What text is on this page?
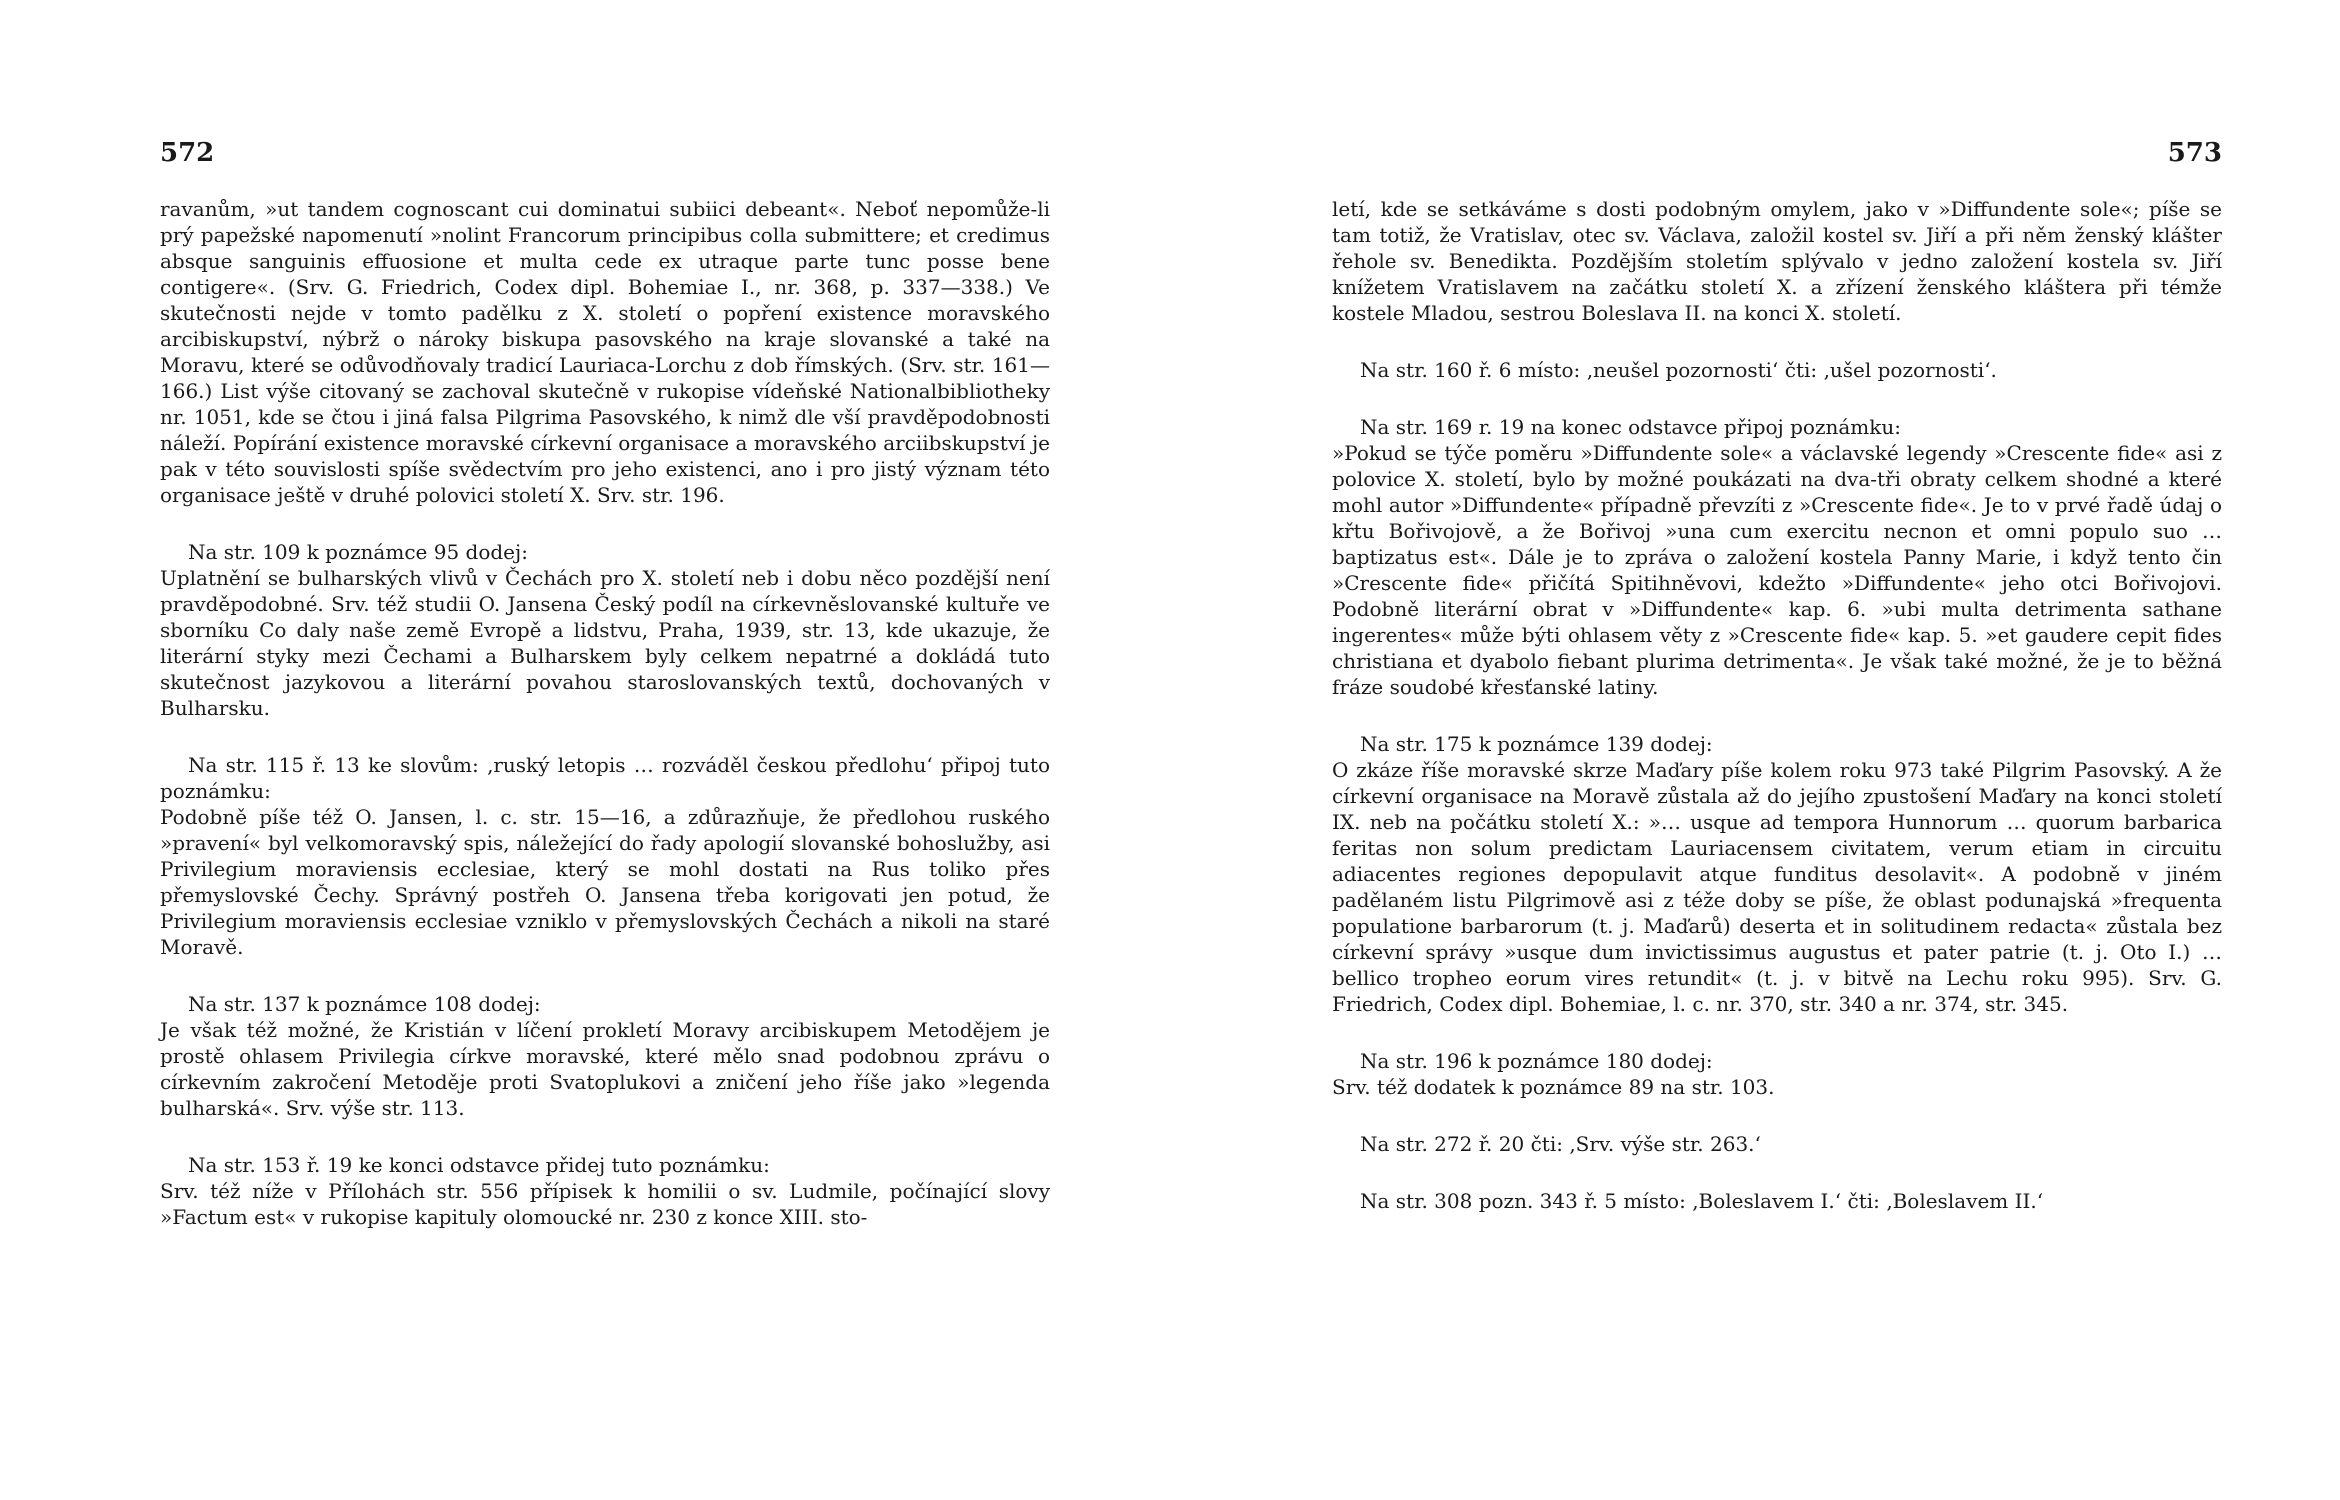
572

ravanům, »ut tandem cognoscant cui dominatui subiici debeant«. Neboť nepomůže-li prý papežské napomenutí »nolint Francorum principibus colla submittere; et credimus absque sanguinis effuosione et multa cede ex utraque parte tunc posse bene contigere«. (Srv. G. Friedrich, Codex dipl. Bohemiae I., nr. 368, p. 337—338.) Ve skutečnosti nejde v tomto padělku z X. století o popření existence moravského arcibiskupství, nýbrž o nároky biskupa pasovského na kraje slovanské a také na Moravu, které se odůvodňovaly tradicí Lauriaca-Lorchu z dob římských. (Srv. str. 161—166.) List výše citovaný se zachoval skutečně v rukopise vídeňské Nationalbibliotheky nr. 1051, kde se čtou i jiná falsa Pilgrima Pasovského, k nimž dle vší pravděpodobnosti náleží. Popírání existence moravské církevní organisace a moravského arciibskupství je pak v této souvislosti spíše svědectvím pro jeho existenci, ano i pro jistý význam této organisace ještě v druhé polovici století X. Srv. str. 196.

Na str. 109 k poznámce 95 dodej:

Uplatnění se bulharských vlivů v Čechách pro X. století neb i dobu něco pozdější není pravděpodobné. Srv. též studii O. Jansena Český podíl na církevněslovanské kultuře ve sborníku Co daly naše země Evropě a lidstvu, Praha, 1939, str. 13, kde ukazuje, že literární styky mezi Čechami a Bulharskem byly celkem nepatrné a dokládá tuto skutečnost jazykovou a literární povahou staroslovanských textů, dochovaných v Bulharsku.

Na str. 115 ř. 13 ke slovům: ‚ruský letopis … rozváděl českou předlohu‘ připoj tuto poznámku:

Podobně píše též O. Jansen, l. c. str. 15—16, a zdůrazňuje, že předlohou ruského »pravení« byl velkomoravský spis, náležející do řady apologií slovanské bohoslužby, asi Privilegium moraviensis ecclesiae, který se mohl dostati na Rus toliko přes přemyslovské Čechy. Správný postřeh O. Jansena třeba korigovati jen potud, že Privilegium moraviensis ecclesiae vzniklo v přemyslovských Čechách a nikoli na staré Moravě.

Na str. 137 k poznámce 108 dodej:

Je však též možné, že Kristián v líčení prokletí Moravy arcibiskupem Metodějem je prostě ohlasem Privilegia církve moravské, které mělo snad podobnou zprávu o církevním zakročení Metoděje proti Svatoplukovi a zničení jeho říše jako »legenda bulharská«. Srv. výše str. 113.

Na str. 153 ř. 19 ke konci odstavce přidej tuto poznámku:

Srv. též níže v Přílohách str. 556 přípisek k homilii o sv. Ludmile, počínající slovy »Factum est« v rukopise kapituly olomoucké nr. 230 z konce XIII. sto-

573

letí, kde se setkáváme s dosti podobným omylem, jako v »Diffundente sole«; píše se tam totiž, že Vratislav, otec sv. Václava, založil kostel sv. Jiří a při něm ženský klášter řehole sv. Benedikta. Pozdějším stoletím splývalo v jedno založení kostela sv. Jiří knížetem Vratislavem na začátku století X. a zřízení ženského kláštera při témže kostele Mladou, sestrou Boleslava II. na konci X. století.

Na str. 160 ř. 6 místo: ‚neušel pozornosti‘ čti: ‚ušel pozornosti‘.

Na str. 169 r. 19 na konec odstavce připoj poznámku:

»Pokud se týče poměru »Diffundente sole« a václavské legendy »Crescente fide« asi z polovice X. století, bylo by možné poukázati na dva-tři obraty celkem shodné a které mohl autor »Diffundente« případně převzíti z »Crescente fide«. Je to v prvé řadě údaj o křtu Bořivojově, a že Bořivoj »una cum exercitu necnon et omni populo suo … baptizatus est«. Dále je to zpráva o založení kostela Panny Marie, i když tento čin »Crescente fide« přičítá Spitihněvovi, kdežto »Diffundente« jeho otci Bořivojovi. Podobně literární obrat v »Diffundente« kap. 6. »ubi multa detrimenta sathane ingerentes« může býti ohlasem věty z »Crescente fide« kap. 5. »et gaudere cepit fides christiana et dyabolo fiebant plurima detrimenta«. Je však také možné, že je to běžná fráze soudobé křesťanské latiny.

Na str. 175 k poznámce 139 dodej:

O zkáze říše moravské skrze Maďary píše kolem roku 973 také Pilgrim Pasovský. A že církevní organisace na Moravě zůstala až do jejího zpustošení Maďary na konci století IX. neb na počátku století X.: »… usque ad tempora Hunnorum … quorum barbarica feritas non solum predictam Lauriacensem civitatem, verum etiam in circuitu adiacentes regiones depopulavit atque funditus desolavit«. A podobně v jiném padělaném listu Pilgrimově asi z téže doby se píše, že oblast podunajská »frequenta populatione barbarorum (t. j. Maďarů) deserta et in solitudinem redacta« zůstala bez církevní správy »usque dum invictissimus augustus et pater patrie (t. j. Oto I.) … bellico tropheo eorum vires retundit« (t. j. v bitvě na Lechu roku 995). Srv. G. Friedrich, Codex dipl. Bohemiae, l. c. nr. 370, str. 340 a nr. 374, str. 345.

Na str. 196 k poznámce 180 dodej:

Srv. též dodatek k poznámce 89 na str. 103.

Na str. 272 ř. 20 čti: ‚Srv. výše str. 263.‘

Na str. 308 pozn. 343 ř. 5 místo: ‚Boleslavem I.‘ čti: ‚Boleslavem II.‘
